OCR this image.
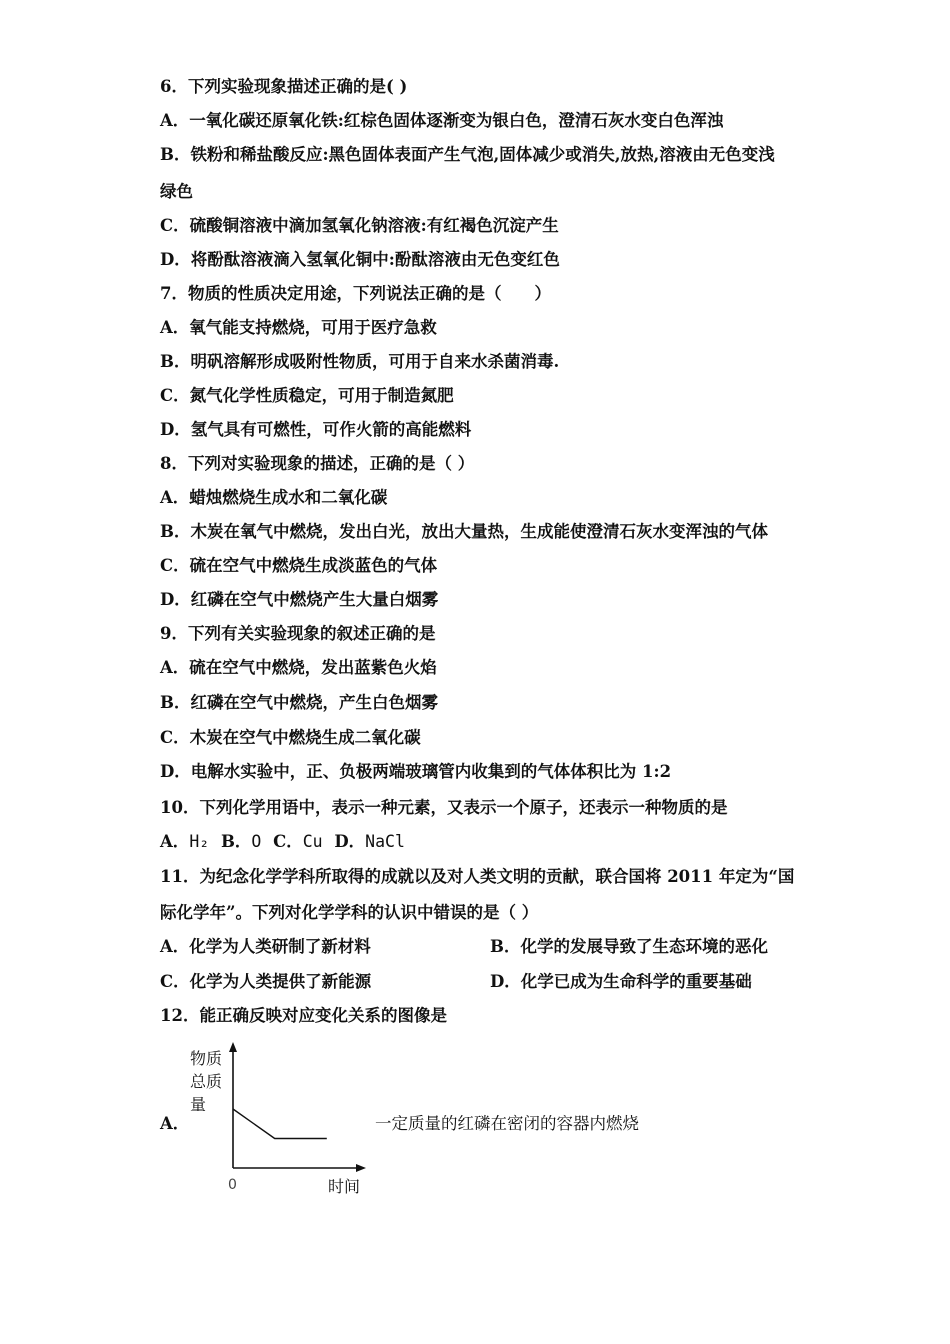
6．下列实验现象描述正确的是( )
A．一氧化碳还原氧化铁:红棕色固体逐渐变为银白色，澄清石灰水变白色浑浊
B．铁粉和稀盐酸反应:黑色固体表面产生气泡,固体减少或消失,放热,溶液由无色变浅
绿色
C．硫酸铜溶液中滴加氢氧化钠溶液:有红褐色沉淀产生
D．将酚酞溶液滴入氢氧化铜中:酚酞溶液由无色变红色
7．物质的性质决定用途，下列说法正确的是（　　）
A．氧气能支持燃烧，可用于医疗急救
B．明矾溶解形成吸附性物质，可用于自来水杀菌消毒.
C．氮气化学性质稳定，可用于制造氮肥
D．氢气具有可燃性，可作火箭的高能燃料
8．下列对实验现象的描述，正确的是（ ）
A．蜡烛燃烧生成水和二氧化碳
B．木炭在氧气中燃烧，发出白光，放出大量热，生成能使澄清石灰水变浑浊的气体
C．硫在空气中燃烧生成淡蓝色的气体
D．红磷在空气中燃烧产生大量白烟雾
9．下列有关实验现象的叙述正确的是
A．硫在空气中燃烧，发出蓝紫色火焰
B．红磷在空气中燃烧，产生白色烟雾
C．木炭在空气中燃烧生成二氧化碳
D．电解水实验中，正、负极两端玻璃管内收集到的气体体积比为 1:2
10．下列化学用语中，表示一种元素，又表示一个原子，还表示一种物质的是
A．H₂ B．O C．Cu D．NaCl
11．为纪念化学学科所取得的成就以及对人类文明的贡献，联合国将 2011 年定为“国
际化学年”。下列对化学学科的认识中错误的是（ ）
A．化学为人类研制了新材料	B．化学的发展导致了生态环境的恶化
C．化学为人类提供了新能源	D．化学已成为生命科学的重要基础
12．能正确反映对应变化关系的图像是
A．	一定质量的红磷在密闭的容器内燃烧
物质
总质
量
0	时间
